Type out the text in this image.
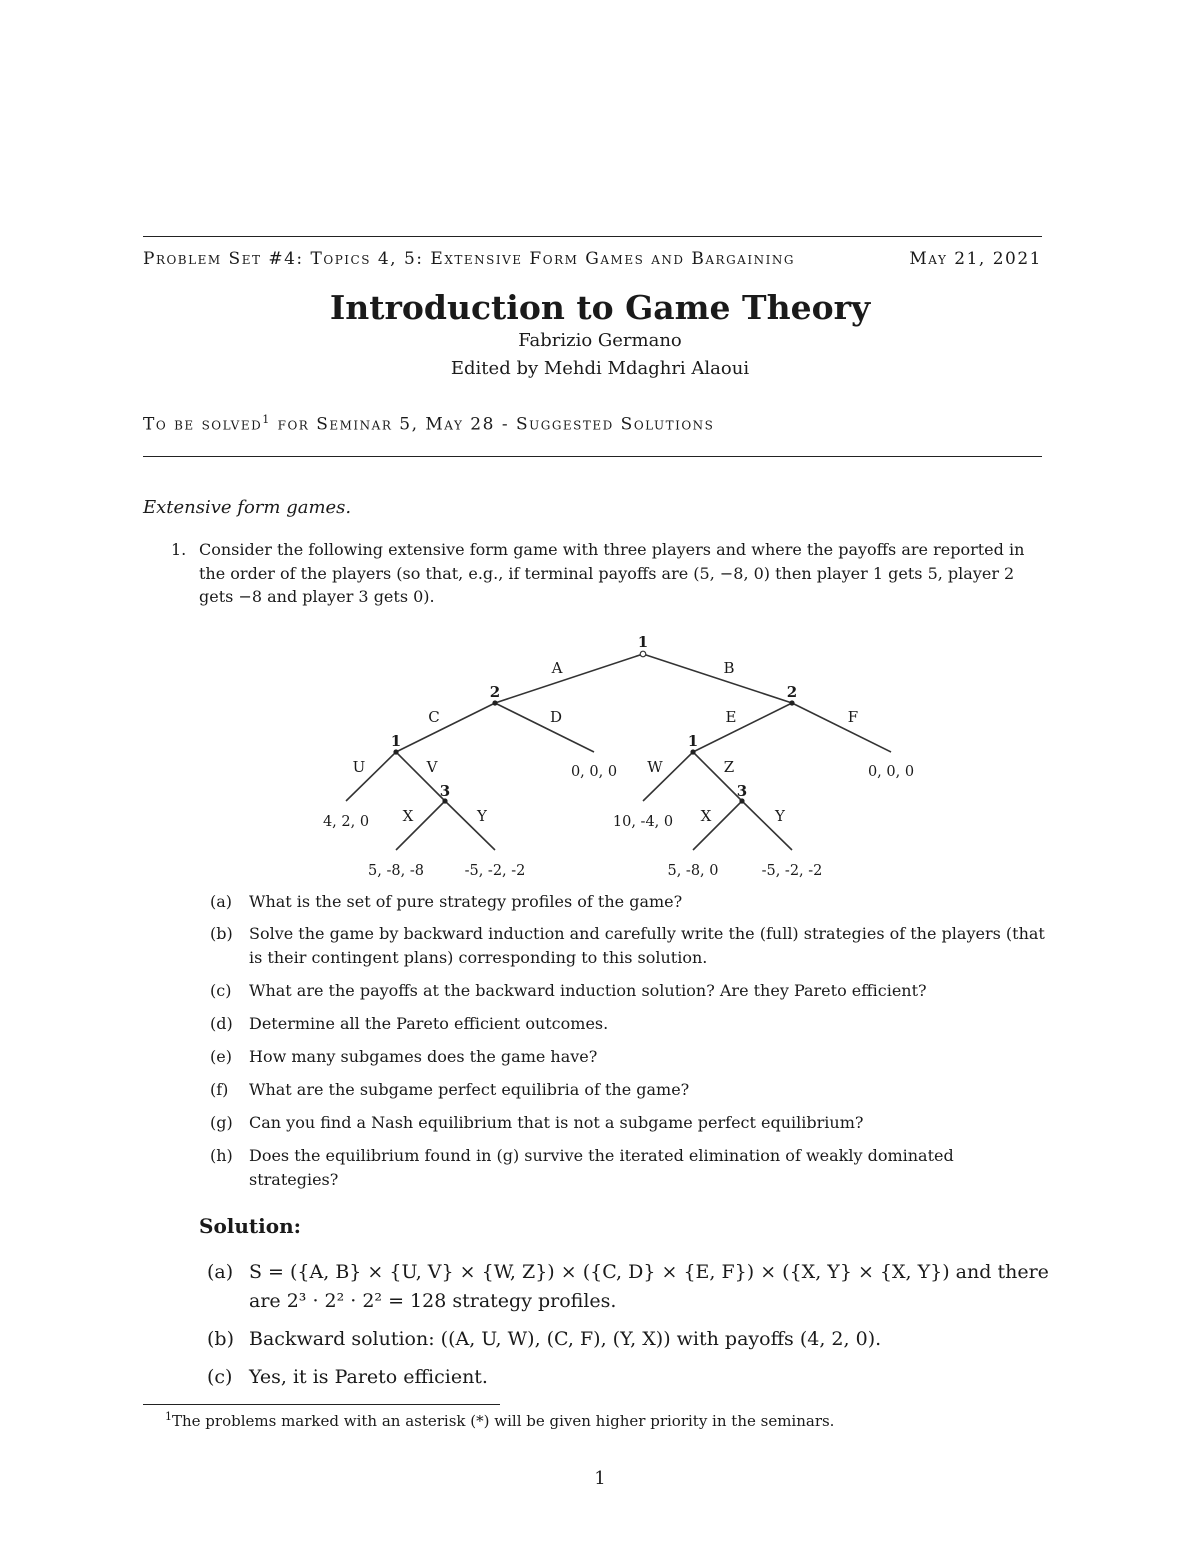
Problem Set #4: Topics 4, 5: Extensive Form Games and Bargaining	May 21, 2021
Introduction to Game Theory
Fabrizio Germano
Edited by Mehdi Mdaghri Alaoui
To be solved$^1$ for Seminar 5, May 28 - Suggested Solutions
Extensive form games.
1. Consider the following extensive form game with three players and where the payoffs are reported in the order of the players (so that, e.g., if terminal payoffs are (5, −8, 0) then player 1 gets 5, player 2 gets −8 and player 3 gets 0).
1
2	2
1	1
3	3
A	B
C	D	E	F
U	V	W	Z
X	Y	X	Y
0, 0, 0	0, 0, 0
4, 2, 0	10, -4, 0
5, -8, -8	-5, -2, -2	5, -8, 0	-5, -2, -2
(a)	What is the set of pure strategy profiles of the game?
(b)	Solve the game by backward induction and carefully write the (full) strategies of the players (that is their contingent plans) corresponding to this solution.
(c)	What are the payoffs at the backward induction solution? Are they Pareto efficient?
(d)	Determine all the Pareto efficient outcomes.
(e)	How many subgames does the game have?
(f)	What are the subgame perfect equilibria of the game?
(g)	Can you find a Nash equilibrium that is not a subgame perfect equilibrium?
(h)	Does the equilibrium found in (g) survive the iterated elimination of weakly dominated strategies?
Solution:
(a) S = ({A, B} × {U, V} × {W, Z}) × ({C, D} × {E, F}) × ({X, Y} × {X, Y}) and there are 2³ · 2² · 2² = 128 strategy profiles.
(b) Backward solution: ((A, U, W), (C, F), (Y, X)) with payoffs (4, 2, 0).
(c) Yes, it is Pareto efficient.
$^1$The problems marked with an asterisk (*) will be given higher priority in the seminars.
1
